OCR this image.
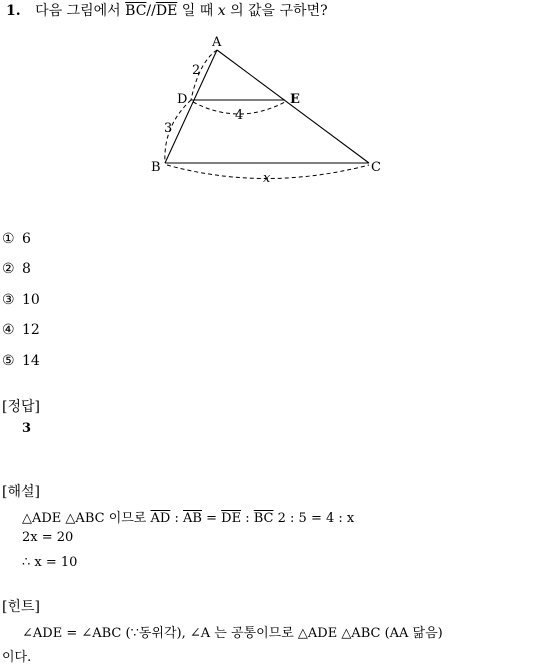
1. 다음 그림에서 $\overline{BC}//\overline{DE}$ 일 때 x 의 값을 구하면?
A
B	C
D	E
2
3
4
x
① 6
② 8
③ 10
④ 12
⑤ 14
[정답]
3
[해설]
△ADE △ABC 이므로 $\overline{AD}$ : $\overline{AB} = \overline{DE}$ : $\overline{BC}$ 2 : 5 = 4 : x
2x = 20
∴ x = 10
[힌트]
∠ADE = ∠ABC (∵동위각), ∠A 는 공통이므로 △ADE △ABC (AA 닮음)
이다.
